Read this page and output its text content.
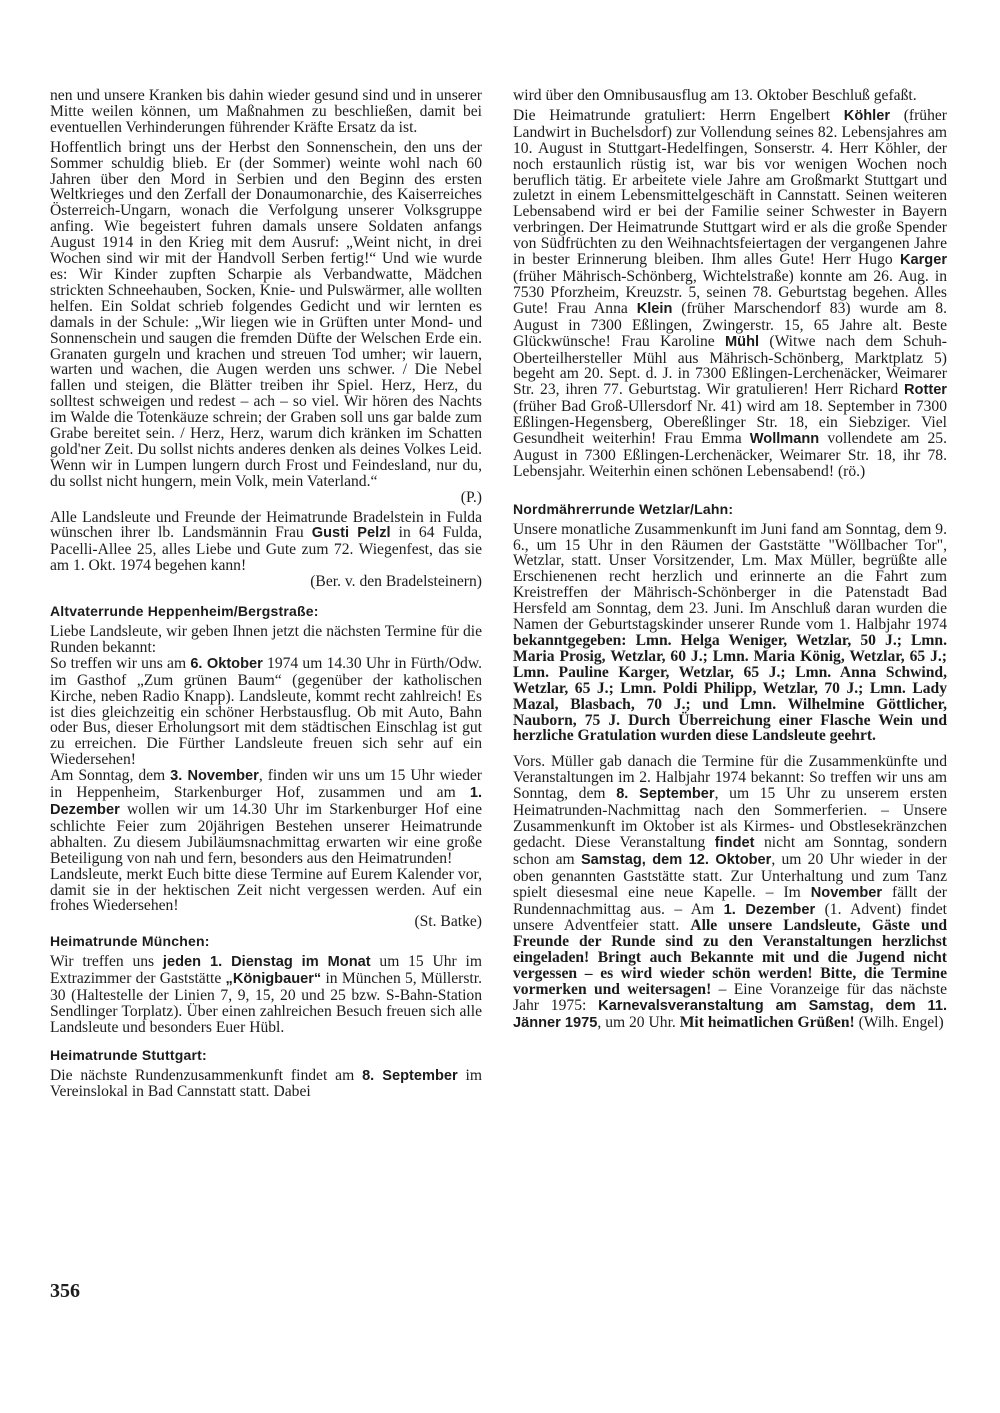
nen und unsere Kranken bis dahin wieder gesund sind und in unserer Mitte weilen können, um Maßnahmen zu beschließen, damit bei eventuellen Verhinderungen führender Kräfte Ersatz da ist.

Hoffentlich bringt uns der Herbst den Sonnenschein, den uns der Sommer schuldig blieb. Er (der Sommer) weinte wohl nach 60 Jahren über den Mord in Serbien und den Beginn des ersten Weltkrieges und den Zerfall der Donaumonarchie, des Kaiserreiches Österreich-Ungarn, wonach die Verfolgung unserer Volksgruppe anfing. Wie begeistert fuhren damals unsere Soldaten anfangs August 1914 in den Krieg mit dem Ausruf: „Weint nicht, in drei Wochen sind wir mit der Handvoll Serben fertig!“ Und wie wurde es: Wir Kinder zupften Scharpie als Verbandwatte, Mädchen strickten Schneehauben, Socken, Knie- und Pulswärmer, alle wollten helfen. Ein Soldat schrieb folgendes Gedicht und wir lernten es damals in der Schule: „Wir liegen wie in Grüften unter Mond- und Sonnenschein und saugen die fremden Düfte der Welschen Erde ein. Granaten gurgeln und krachen und streuen Tod umher; wir lauern, warten und wachen, die Augen werden uns schwer. / Die Nebel fallen und steigen, die Blätter treiben ihr Spiel. Herz, Herz, du solltest schweigen und redest – ach – so viel. Wir hören des Nachts im Walde die Totenkäuze schrein; der Graben soll uns gar balde zum Grabe bereitet sein. / Herz, Herz, warum dich kränken im Schatten gold'ner Zeit. Du sollst nichts anderes denken als deines Volkes Leid. Wenn wir in Lumpen lungern durch Frost und Feindesland, nur du, du sollst nicht hungern, mein Volk, mein Vaterland.“
(P.)

Alle Landsleute und Freunde der Heimatrunde Bradelstein in Fulda wünschen ihrer lb. Landsmännin Frau Gusti Pelzl in 64 Fulda, Pacelli-Allee 25, alles Liebe und Gute zum 72. Wiegenfest, das sie am 1. Okt. 1974 begehen kann!
(Ber. v. den Bradelsteinern)

Altvaterrunde Heppenheim/Bergstraße:

Liebe Landsleute, wir geben Ihnen jetzt die nächsten Termine für die Runden bekannt:

So treffen wir uns am 6. Oktober 1974 um 14.30 Uhr in Fürth/Odw. im Gasthof „Zum grünen Baum“ (gegenüber der katholischen Kirche, neben Radio Knapp). Landsleute, kommt recht zahlreich! Es ist dies gleichzeitig ein schöner Herbstausflug. Ob mit Auto, Bahn oder Bus, dieser Erholungsort mit dem städtischen Einschlag ist gut zu erreichen. Die Fürther Landsleute freuen sich sehr auf ein Wiedersehen!

Am Sonntag, dem 3. November, finden wir uns um 15 Uhr wieder in Heppenheim, Starkenburger Hof, zusammen und am 1. Dezember wollen wir um 14.30 Uhr im Starkenburger Hof eine schlichte Feier zum 20jährigen Bestehen unserer Heimatrunde abhalten. Zu diesem Jubiläumsnachmittag erwarten wir eine große Beteiligung von nah und fern, besonders aus den Heimatrunden!

Landsleute, merkt Euch bitte diese Termine auf Eurem Kalender vor, damit sie in der hektischen Zeit nicht vergessen werden. Auf ein frohes Wiedersehen!
(St. Batke)

Heimatrunde München:

Wir treffen uns jeden 1. Dienstag im Monat um 15 Uhr im Extrazimmer der Gaststätte „Königbauer“ in München 5, Müllerstr. 30 (Haltestelle der Linien 7, 9, 15, 20 und 25 bzw. S-Bahn-Station Sendlinger Torplatz). Über einen zahlreichen Besuch freuen sich alle Landsleute und besonders Euer Hübl.

Heimatrunde Stuttgart:

Die nächste Rundenzusammenkunft findet am 8. September im Vereinslokal in Bad Cannstatt statt. Dabei

wird über den Omnibusausflug am 13. Oktober Beschluß gefaßt.

Die Heimatrunde gratuliert: Herrn Engelbert Köhler (früher Landwirt in Buchelsdorf) zur Vollendung seines 82. Lebensjahres am 10. August in Stuttgart-Hedelfingen, Sonserstr. 4. Herr Köhler, der noch erstaunlich rüstig ist, war bis vor wenigen Wochen noch beruflich tätig. Er arbeitete viele Jahre am Großmarkt Stuttgart und zuletzt in einem Lebensmittelgeschäft in Cannstatt. Seinen weiteren Lebensabend wird er bei der Familie seiner Schwester in Bayern verbringen. Der Heimatrunde Stuttgart wird er als die große Spender von Südfrüchten zu den Weihnachtsfeiertagen der vergangenen Jahre in bester Erinnerung bleiben. Ihm alles Gute! Herr Hugo Karger (früher Mährisch-Schönberg, Wichtelstraße) konnte am 26. Aug. in 7530 Pforzheim, Kreuzstr. 5, seinen 78. Geburtstag begehen. Alles Gute! Frau Anna Klein (früher Marschendorf 83) wurde am 8. August in 7300 Eßlingen, Zwingerstr. 15, 65 Jahre alt. Beste Glückwünsche! Frau Karoline Mühl (Witwe nach dem Schuh-Oberteilhersteller Mühl aus Mährisch-Schönberg, Marktplatz 5) begeht am 20. Sept. d. J. in 7300 Eßlingen-Lerchenäcker, Weimarer Str. 23, ihren 77. Geburtstag. Wir gratulieren! Herr Richard Rotter (früher Bad Groß-Ullersdorf Nr. 41) wird am 18. September in 7300 Eßlingen-Hegensberg, Obereßlinger Str. 18, ein Siebziger. Viel Gesundheit weiterhin! Frau Emma Wollmann vollendete am 25. August in 7300 Eßlingen-Lerchenäcker, Weimarer Str. 18, ihr 78. Lebensjahr. Weiterhin einen schönen Lebensabend! (rö.)

Nordmährerrunde Wetzlar/Lahn:

Unsere monatliche Zusammenkunft im Juni fand am Sonntag, dem 9. 6., um 15 Uhr in den Räumen der Gaststätte "Wöllbacher Tor", Wetzlar, statt. Unser Vorsitzender, Lm. Max Müller, begrüßte alle Erschienenen recht herzlich und erinnerte an die Fahrt zum Kreistreffen der Mährisch-Schönberger in die Patenstadt Bad Hersfeld am Sonntag, dem 23. Juni. Im Anschluß daran wurden die Namen der Geburtstagskinder unserer Runde vom 1. Halbjahr 1974 bekanntgegeben: Lmn. Helga Weniger, Wetzlar, 50 J.; Lmn. Maria Prosig, Wetzlar, 60 J.; Lmn. Maria König, Wetzlar, 65 J.; Lmn. Pauline Karger, Wetzlar, 65 J.; Lmn. Anna Schwind, Wetzlar, 65 J.; Lmn. Poldi Philipp, Wetzlar, 70 J.; Lmn. Lady Mazal, Blasbach, 70 J.; und Lmn. Wilhelmine Göttlicher, Nauborn, 75 J. Durch Überreichung einer Flasche Wein und herzliche Gratulation wurden diese Landsleute geehrt.

Vors. Müller gab danach die Termine für die Zusammenkünfte und Veranstaltungen im 2. Halbjahr 1974 bekannt: So treffen wir uns am Sonntag, dem 8. September, um 15 Uhr zu unserem ersten Heimatrunden-Nachmittag nach den Sommerferien. – Unsere Zusammenkunft im Oktober ist als Kirmes- und Obstlesekränzchen gedacht. Diese Veranstaltung findet nicht am Sonntag, sondern schon am Samstag, dem 12. Oktober, um 20 Uhr wieder in der oben genannten Gaststätte statt. Zur Unterhaltung und zum Tanz spielt diesesmal eine neue Kapelle. – Im November fällt der Rundennachmittag aus. – Am 1. Dezember (1. Advent) findet unsere Adventfeier statt. Alle unsere Landsleute, Gäste und Freunde der Runde sind zu den Veranstaltungen herzlichst eingeladen! Bringt auch Bekannte mit und die Jugend nicht vergessen – es wird wieder schön werden! Bitte, die Termine vormerken und weitersagen! – Eine Voranzeige für das nächste Jahr 1975: Karnevalsveranstaltung am Samstag, dem 11. Jänner 1975, um 20 Uhr. Mit heimatlichen Grüßen! (Wilh. Engel)

356
